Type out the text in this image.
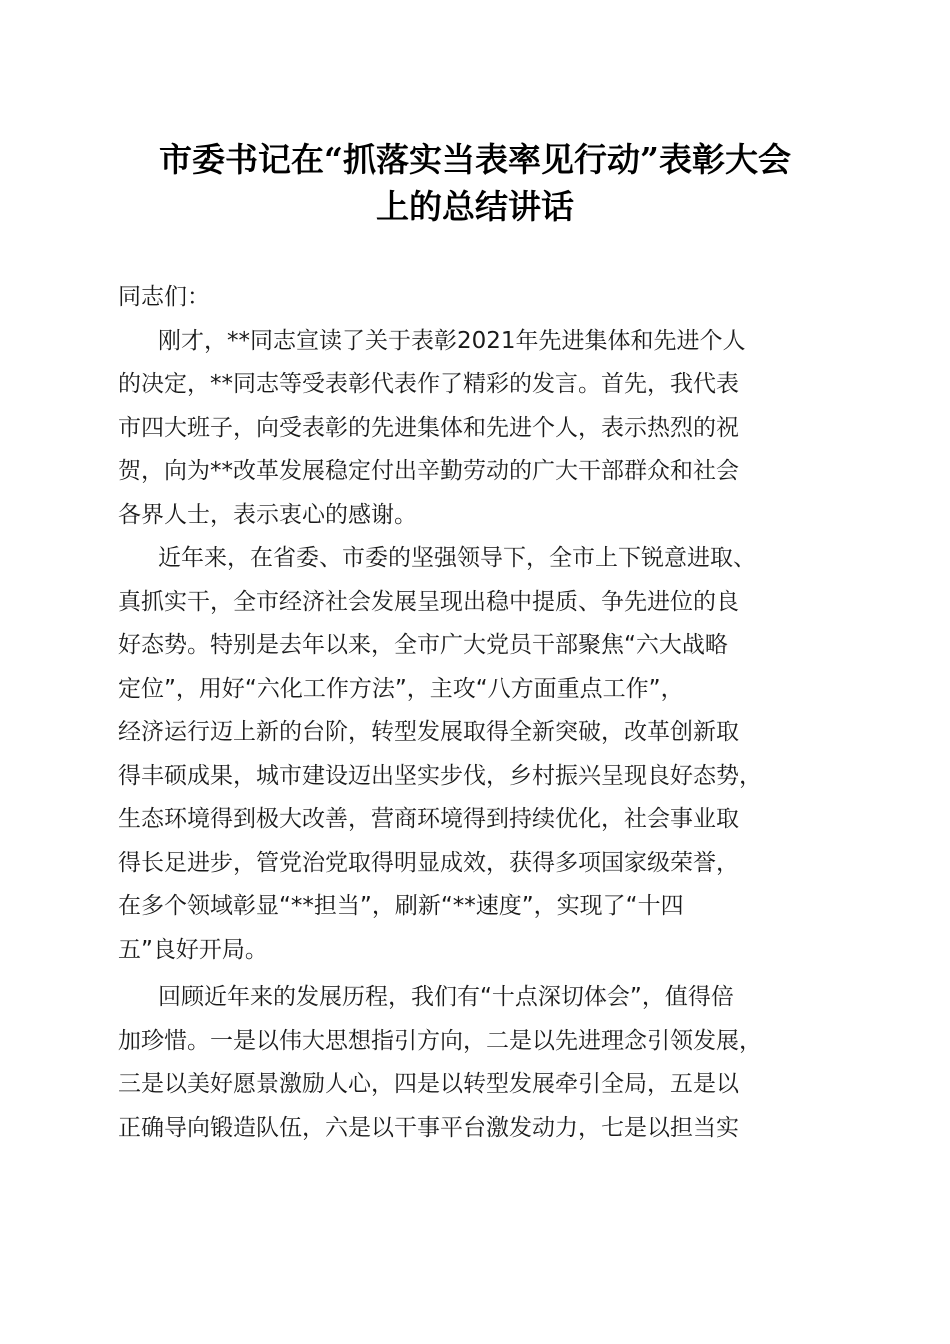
市委书记在“抓落实当表率见行动”表彰大会
上的总结讲话
同志们：
刚才，**同志宣读了关于表彰2021年先进集体和先进个人
的决定，**同志等受表彰代表作了精彩的发言。首先，我代表
市四大班子，向受表彰的先进集体和先进个人，表示热烈的祝
贺，向为**改革发展稳定付出辛勤劳动的广大干部群众和社会
各界人士，表示衷心的感谢。
近年来，在省委、市委的坚强领导下，全市上下锐意进取、
真抓实干，全市经济社会发展呈现出稳中提质、争先进位的良
好态势。特别是去年以来，全市广大党员干部聚焦“六大战略
定位”，用好“六化工作方法”，主攻“八方面重点工作”，
经济运行迈上新的台阶，转型发展取得全新突破，改革创新取
得丰硕成果，城市建设迈出坚实步伐，乡村振兴呈现良好态势，
生态环境得到极大改善，营商环境得到持续优化，社会事业取
得长足进步，管党治党取得明显成效，获得多项国家级荣誉，
在多个领域彰显“**担当”，刷新“**速度”，实现了“十四
五”良好开局。
回顾近年来的发展历程，我们有“十点深切体会”，值得倍
加珍惜。一是以伟大思想指引方向，二是以先进理念引领发展，
三是以美好愿景激励人心，四是以转型发展牵引全局，五是以
正确导向锻造队伍，六是以干事平台激发动力，七是以担当实
